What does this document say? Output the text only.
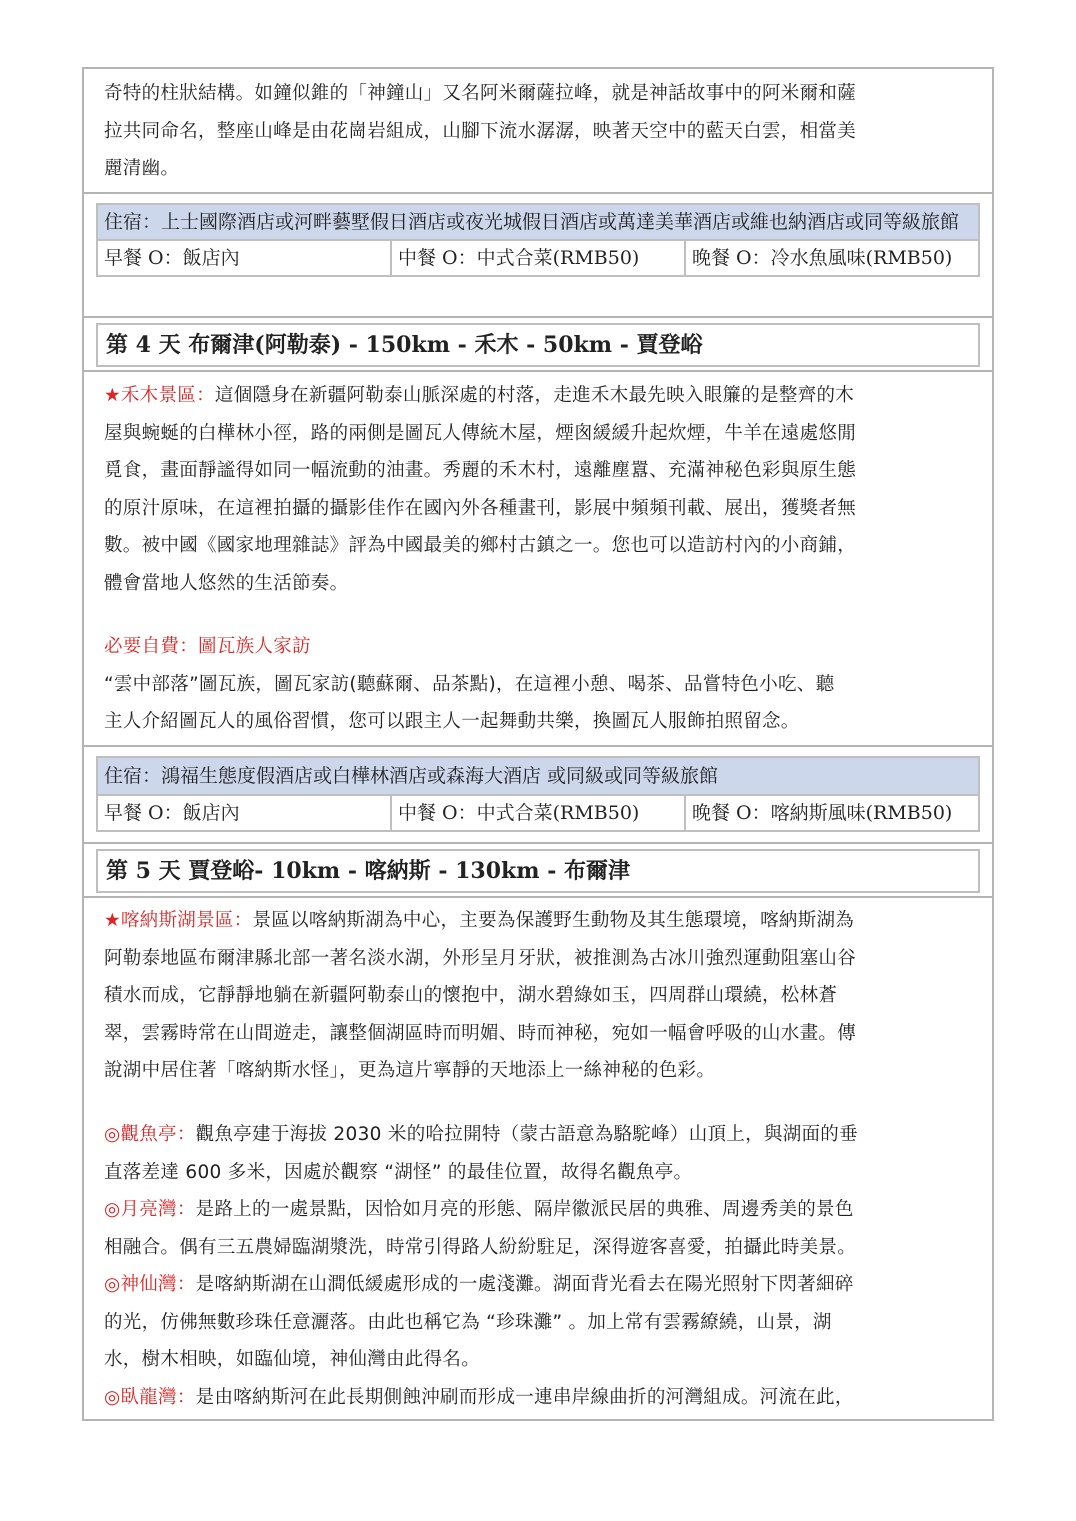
奇特的柱狀結構。如鐘似錐的「神鐘山」又名阿米爾薩拉峰，就是神話故事中的阿米爾和薩
拉共同命名，整座山峰是由花崗岩組成，山腳下流水潺潺，映著天空中的藍天白雲，相當美
麗清幽。
住宿：上士國際酒店或河畔藝墅假日酒店或夜光城假日酒店或萬達美華酒店或維也納酒店或同等級旅館
早餐 O：飯店內	中餐 O：中式合菜(RMB50)	晚餐 O：冷水魚風味(RMB50)
第 4 天 布爾津(阿勒泰) - 150km - 禾木 - 50km - 賈登峪
★禾木景區：這個隱身在新疆阿勒泰山脈深處的村落，走進禾木最先映入眼簾的是整齊的木
屋與蜿蜒的白樺林小徑，路的兩側是圖瓦人傳統木屋，煙囪緩緩升起炊煙，牛羊在遠處悠閒
覓食，畫面靜謐得如同一幅流動的油畫。秀麗的禾木村，遠離塵囂、充滿神秘色彩與原生態
的原汁原味，在這裡拍攝的攝影佳作在國內外各種畫刊，影展中頻頻刊載、展出，獲獎者無
數。被中國《國家地理雜誌》評為中國最美的鄉村古鎮之一。您也可以造訪村內的小商鋪，
體會當地人悠然的生活節奏。
必要自費：圖瓦族人家訪
“雲中部落”圖瓦族，圖瓦家訪(聽蘇爾、品茶點)，在這裡小憩、喝茶、品嘗特色小吃、聽
主人介紹圖瓦人的風俗習慣，您可以跟主人一起舞動共樂，換圖瓦人服飾拍照留念。
住宿：鴻福生態度假酒店或白樺林酒店或森海大酒店 或同級或同等級旅館
早餐 O：飯店內	中餐 O：中式合菜(RMB50)	晚餐 O：喀納斯風味(RMB50)
第 5 天 賈登峪- 10km - 喀納斯 - 130km - 布爾津
★喀納斯湖景區：景區以喀納斯湖為中心，主要為保護野生動物及其生態環境，喀納斯湖為
阿勒泰地區布爾津縣北部一著名淡水湖，外形呈月牙狀，被推測為古冰川強烈運動阻塞山谷
積水而成，它靜靜地躺在新疆阿勒泰山的懷抱中，湖水碧綠如玉，四周群山環繞，松林蒼
翠，雲霧時常在山間遊走，讓整個湖區時而明媚、時而神秘，宛如一幅會呼吸的山水畫。傳
說湖中居住著「喀納斯水怪」，更為這片寧靜的天地添上一絲神秘的色彩。
◎觀魚亭：觀魚亭建于海拔 2030 米的哈拉開特（蒙古語意為駱駝峰）山頂上，與湖面的垂
直落差達 600 多米，因處於觀察 “湖怪” 的最佳位置，故得名觀魚亭。
◎月亮灣：是路上的一處景點，因恰如月亮的形態、隔岸徽派民居的典雅、周邊秀美的景色
相融合。偶有三五農婦臨湖漿洗，時常引得路人紛紛駐足，深得遊客喜愛，拍攝此時美景。
◎神仙灣：是喀納斯湖在山澗低緩處形成的一處淺灘。湖面背光看去在陽光照射下閃著細碎
的光，仿佛無數珍珠任意灑落。由此也稱它為 “珍珠灘” 。加上常有雲霧繚繞，山景，湖
水，樹木相映，如臨仙境，神仙灣由此得名。
◎臥龍灣：是由喀納斯河在此長期側蝕沖刷而形成一連串岸線曲折的河灣組成。河流在此，
